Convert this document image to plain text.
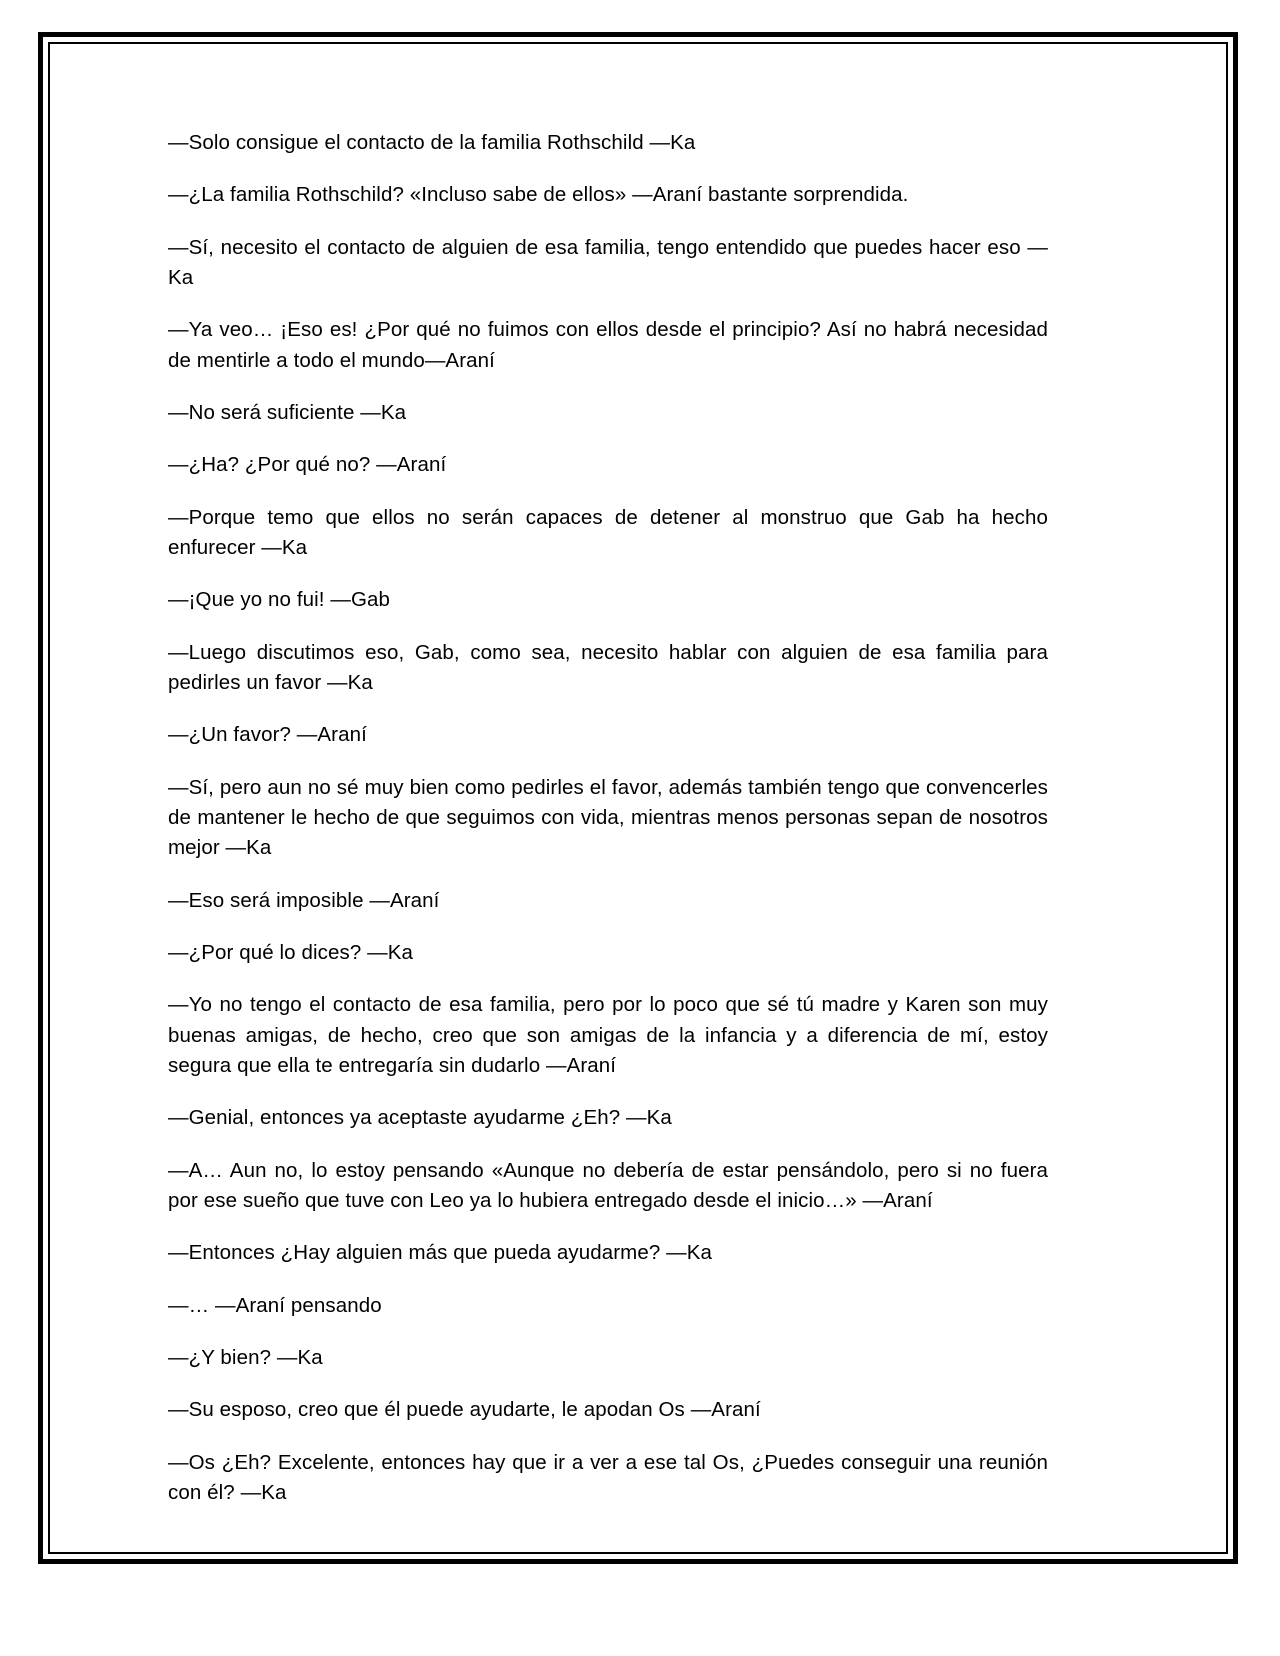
—Solo consigue el contacto de la familia Rothschild —Ka

—¿La familia Rothschild? «Incluso sabe de ellos» —Araní bastante sorprendida.

—Sí, necesito el contacto de alguien de esa familia, tengo entendido que puedes hacer eso —Ka

—Ya veo… ¡Eso es! ¿Por qué no fuimos con ellos desde el principio? Así no habrá necesidad de mentirle a todo el mundo—Araní

—No será suficiente —Ka

—¿Ha? ¿Por qué no? —Araní

—Porque temo que ellos no serán capaces de detener al monstruo que Gab ha hecho enfurecer —Ka

—¡Que yo no fui! —Gab

—Luego discutimos eso, Gab, como sea, necesito hablar con alguien de esa familia para pedirles un favor —Ka

—¿Un favor? —Araní

—Sí, pero aun no sé muy bien como pedirles el favor, además también tengo que convencerles de mantener le hecho de que seguimos con vida, mientras menos personas sepan de nosotros mejor —Ka

—Eso será imposible —Araní

—¿Por qué lo dices? —Ka

—Yo no tengo el contacto de esa familia, pero por lo poco que sé tú madre y Karen son muy buenas amigas, de hecho, creo que son amigas de la infancia y a diferencia de mí, estoy segura que ella te entregaría sin dudarlo —Araní

—Genial, entonces ya aceptaste ayudarme ¿Eh? —Ka

—A… Aun no, lo estoy pensando «Aunque no debería de estar pensándolo, pero si no fuera por ese sueño que tuve con Leo ya lo hubiera entregado desde el inicio…» —Araní

—Entonces ¿Hay alguien más que pueda ayudarme? —Ka

—… —Araní pensando

—¿Y bien? —Ka

—Su esposo, creo que él puede ayudarte, le apodan Os —Araní

—Os ¿Eh? Excelente, entonces hay que ir a ver a ese tal Os, ¿Puedes conseguir una reunión con él? —Ka
